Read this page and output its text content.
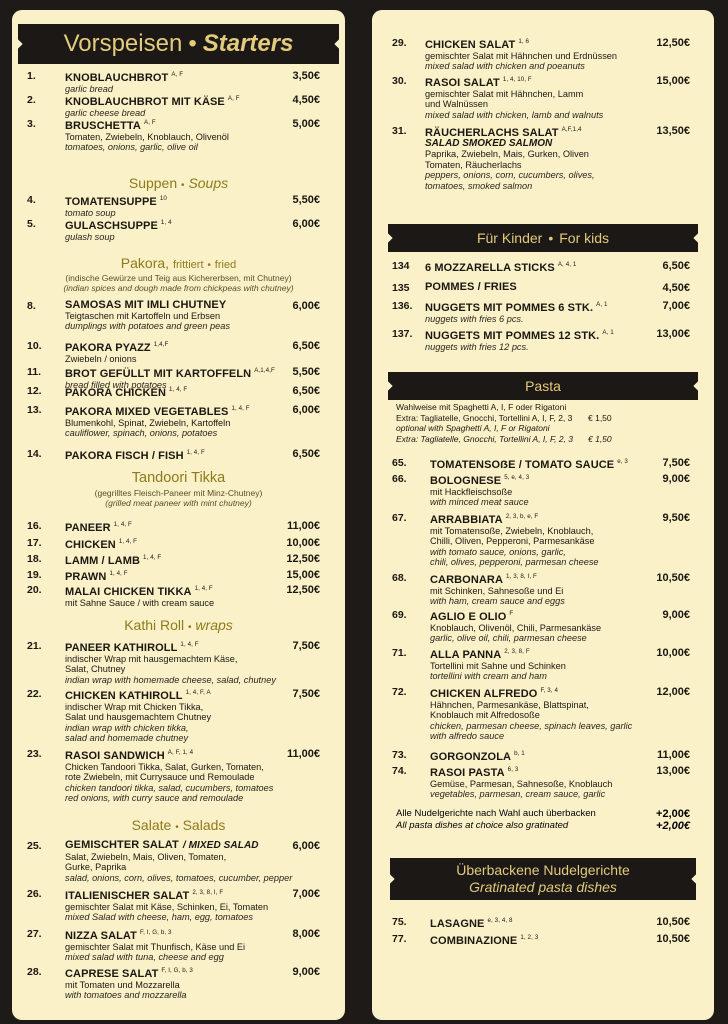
Vorspeisen • Starters
1.	KNOBLAUCHBROT $^{A, F}$
garlic bread
3,50€
2.	KNOBLAUCHBROT MIT KÄSE $^{A, F}$
garlic cheese bread
4,50€
3.	BRUSCHETTA $^{A, F}$
Tomaten, Zwiebeln, Knoblauch, Olivenöl
tomatoes, onions, garlic, olive oil
5,00€
Suppen • Soups
4.	TOMATENSUPPE $^{10}$
tomato soup
5,50€
5.	GULASCHSUPPE $^{1, 4}$
gulash soup
6,00€
Pakora, frittiert • fried
(indische Gewürze und Teig aus Kichererbsen, mit Chutney)
(indian spices and dough made from chickpeas with chutney)
8.	SAMOSAS MIT IMLI CHUTNEY
Teigtaschen mit Kartoffeln und Erbsen
dumplings with potatoes and green peas
6,00€
10. PAKORA PYAZZ $^{1,4,F}$
Zwiebeln / onions
6,50€
11. BROT GEFÜLLT MIT KARTOFFELN $^{A,1,4,F}$
bread filled with potatoes
5,50€
12. PAKORA CHICKEN $^{1, 4, F}$	6,50€
13. PAKORA MIXED VEGETABLES $^{1, 4, F}$
Blumenkohl, Spinat, Zwiebeln, Kartoffeln
cauliflower, spinach, onions, potatoes
6,00€
14. PAKORA FISCH / FISH $^{1, 4, F}$	6,50€
Tandoori Tikka
(gegrilltes Fleisch-Paneer mit Minz-Chutney)
(grilled meat paneer with mint chutney)
16. PANEER $^{1, 4, F}$	11,00€
17. CHICKEN $^{1, 4, F}$	10,00€
18. LAMM / LAMB $^{1, 4, F}$	12,50€
19. PRAWN $^{1, 4, F}$	15,00€
20. MALAI CHICKEN TIKKA $^{1, 4, F}$
mit Sahne Sauce / with cream sauce
12,50€
Kathi Roll • wraps
21. PANEER KATHIROLL $^{1, 4, F}$
indischer Wrap mit hausgemachtem Käse,
Salat, Chutney
indian wrap with homemade cheese, salad, chutney
7,50€
22. CHICKEN KATHIROLL $^{1, 4, F, A}$
indischer Wrap mit Chicken Tikka,
Salat und hausgemachtem Chutney
indian wrap with chicken tikka,
salad and homemade chutney
7,50€
23. RASOI SANDWICH $^{A, F, 1, 4}$
Chicken Tandoori Tikka, Salat, Gurken, Tomaten,
rote Zwiebeln, mit Currysauce und Remoulade
chicken tandoori tikka, salad, cucumbers, tomatoes
red onions, with curry sauce and remoulade
11,00€
Salate • Salads
25. GEMISCHTER SALAT / MIXED SALAD
Salat, Zwiebeln, Mais, Oliven, Tomaten,
Gurke, Paprika
salad, onions, corn, olives, tomatoes, cucumber, pepper
6,00€
26. ITALIENISCHER SALAT $^{2, 3, 8, I, F}$
gemischter Salat mit Käse, Schinken, Ei, Tomaten
mixed Salad with cheese, ham, egg, tomatoes
7,00€
27. NIZZA SALAT $^{F, I, G, b, 3}$
gemischter Salat mit Thunfisch, Käse und Ei
mixed salad with tuna, cheese and egg
8,00€
28. CAPRESE SALAT $^{F, I, G, b, 3}$
mit Tomaten und Mozzarella
with tomatoes and mozzarella
9,00€
29. CHICKEN SALAT $^{1, 6}$
gemischter Salat mit Hähnchen und Erdnüssen
mixed salad with chicken and poeanuts
12,50€
30. RASOI SALAT $^{1, 4, 10, F}$
gemischter Salat mit Hähnchen, Lamm
und Walnüssen
mixed salad with chicken, lamb and walnuts
15,00€
31. RÄUCHERLACHS SALAT $^{A,F,1,4}$
SALAD SMOKED SALMON
Paprika, Zwiebeln, Mais, Gurken, Oliven
Tomaten, Räucherlachs
peppers, onions, corn, cucumbers, olives,
tomatoes, smoked salmon
13,50€
Für Kinder • For kids
134 6 MOZZARELLA STICKS $^{A, 4, 1}$	6,50€
135 POMMES / FRIES	4,50€
136. NUGGETS MIT POMMES 6 STK. $^{A, 1}$
nuggets with fries 6 pcs.
7,00€
137. NUGGETS MIT POMMES 12 STK. $^{A, 1}$
nuggets with fries 12 pcs.
13,00€
Pasta
Wahlweise mit Spaghetti A, I, F oder Rigatoni
Extra: Tagliatelle, Gnocchi, Tortellini A, I, F, 2, 3 € 1,50
optional with Spaghetti A, I, F or Rigatoni
Extra: Tagliatelle, Gnocchi, Tortellini A, I, F, 2, 3 € 1,50
65. TOMATENSOẞE / TOMATO SAUCE $^{e, 3}$	7,50€
66. BOLOGNESE $^{5, e, 4, 3}$
mit Hackfleischsoße
with minced meat sauce
9,00€
67. ARRABBIATA $^{2, 3, b, e, F}$
mit Tomatensoße, Zwiebeln, Knoblauch,
Chilli, Oliven, Pepperoni, Parmesankäse
with tomato sauce, onions, garlic,
chili, olives, pepperoni, parmesan cheese
9,50€
68. CARBONARA $^{1, 3, 8, I, F}$
mit Schinken, Sahnesoße und Ei
with ham, cream sauce and eggs
10,50€
69. AGLIO E OLIO $^F$
Knoblauch, Olivenöl, Chili, Parmesankäse
garlic, olive oil, chili, parmesan cheese
9,00€
71. ALLA PANNA $^{2, 3, 8, F}$
Tortellini mit Sahne und Schinken
tortellini with cream and ham
10,00€
72. CHICKEN ALFREDO $^{F, 3, 4}$
Hähnchen, Parmesankäse, Blattspinat,
Knoblauch mit Alfredosoße
chicken, parmesan cheese, spinach leaves, garlic
with alfredo sauce
12,00€
73. GORGONZOLA $^{b, 1}$	11,00€
74. RASOI PASTA $^{6, 3}$
Gemüse, Parmesan, Sahnesoße, Knoblauch
vegetables, parmesan, cream sauce, garlic
13,00€
Alle Nudelgerichte nach Wahl auch überbacken	+2,00€
All pasta dishes at choice also gratinated	+2,00€
Überbackene Nudelgerichte
Gratinated pasta dishes
75. LASAGNE $^{e, 3, 4, 8}$	10,50€
77. COMBINAZIONE $^{1, 2, 3}$	10,50€
